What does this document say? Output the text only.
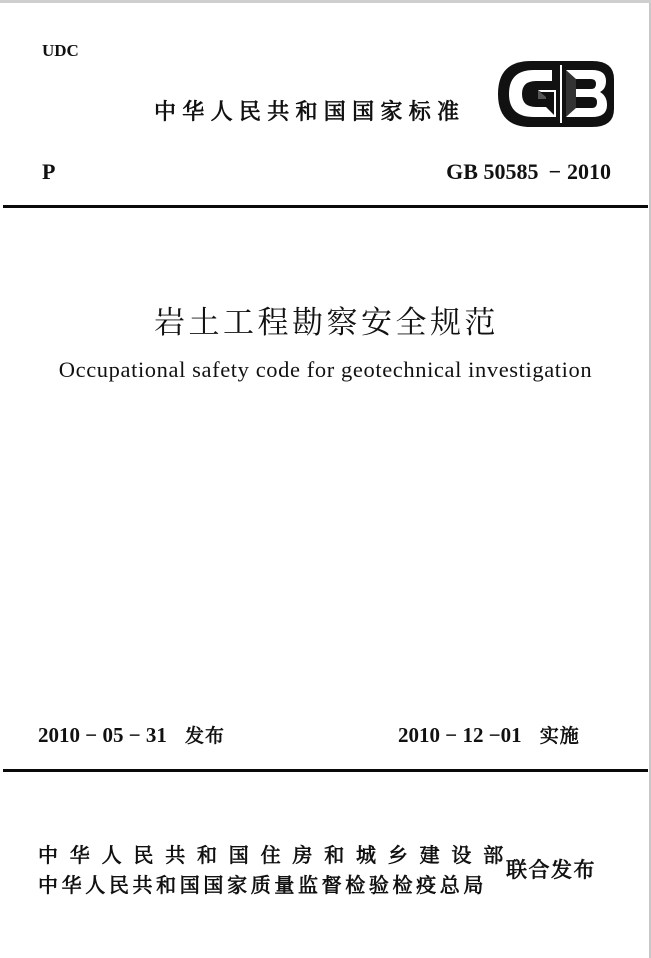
UDC
中华人民共和国国家标准
P	GB 50585 − 2010
岩土工程勘察安全规范
Occupational safety code for geotechnical investigation
2010 − 05 − 31 发布	2010 − 12 −01 实施
中华人民共和国住房和城乡建设部
中华人民共和国国家质量监督检验检疫总局
联合发布
